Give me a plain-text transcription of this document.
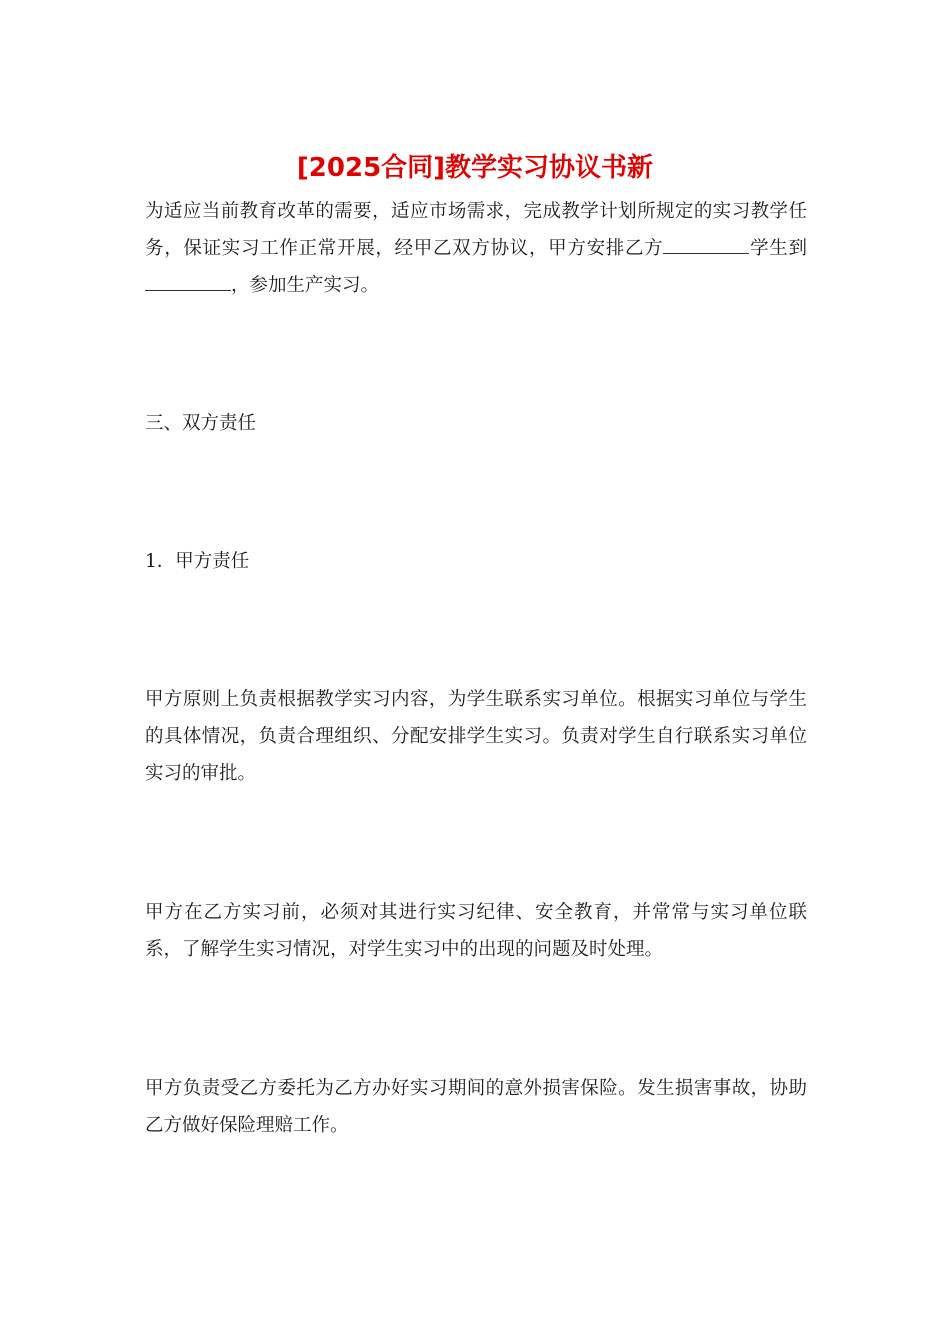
[2025合同]教学实习协议书新

为适应当前教育改革的需要，适应市场需求，完成教学计划所规定的实习教学任务，保证实习工作正常开展，经甲乙双方协议，甲方安排乙方	学生到，参加生产实习。

三、双方责任

1．甲方责任

甲方原则上负责根据教学实习内容，为学生联系实习单位。根据实习单位与学生的具体情况，负责合理组织、分配安排学生实习。负责对学生自行联系实习单位实习的审批。

甲方在乙方实习前，必须对其进行实习纪律、安全教育，并常常与实习单位联系，了解学生实习情况，对学生实习中的出现的问题及时处理。

甲方负责受乙方委托为乙方办好实习期间的意外损害保险。发生损害事故，协助乙方做好保险理赔工作。
